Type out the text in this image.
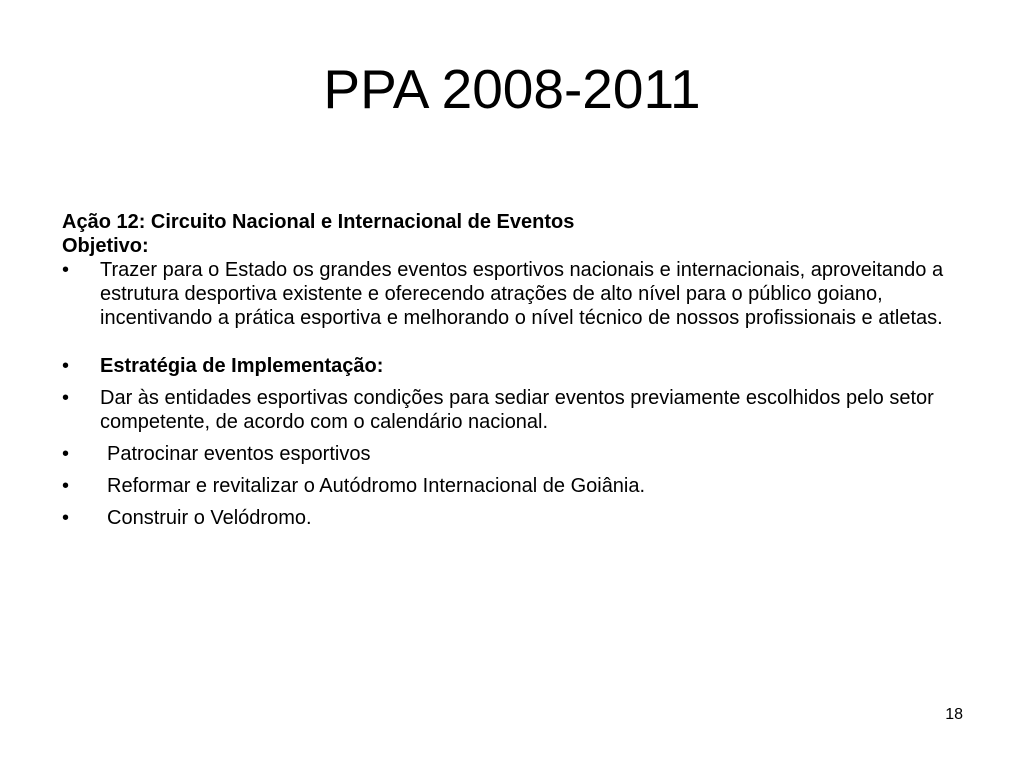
PPA 2008-2011
Ação 12: Circuito Nacional e Internacional de Eventos
Objetivo:
•	Trazer para o Estado os grandes eventos esportivos nacionais e internacionais, aproveitando a estrutura desportiva existente e oferecendo atrações de alto nível para o público goiano, incentivando a prática esportiva e melhorando o nível técnico de nossos profissionais e atletas.
•	Estratégia de Implementação:
•	Dar às entidades esportivas condições para sediar eventos previamente escolhidos pelo setor competente, de acordo com o calendário nacional.
•	Patrocinar eventos esportivos
•	Reformar e revitalizar o Autódromo Internacional de Goiânia.
•	Construir o Velódromo.
18
